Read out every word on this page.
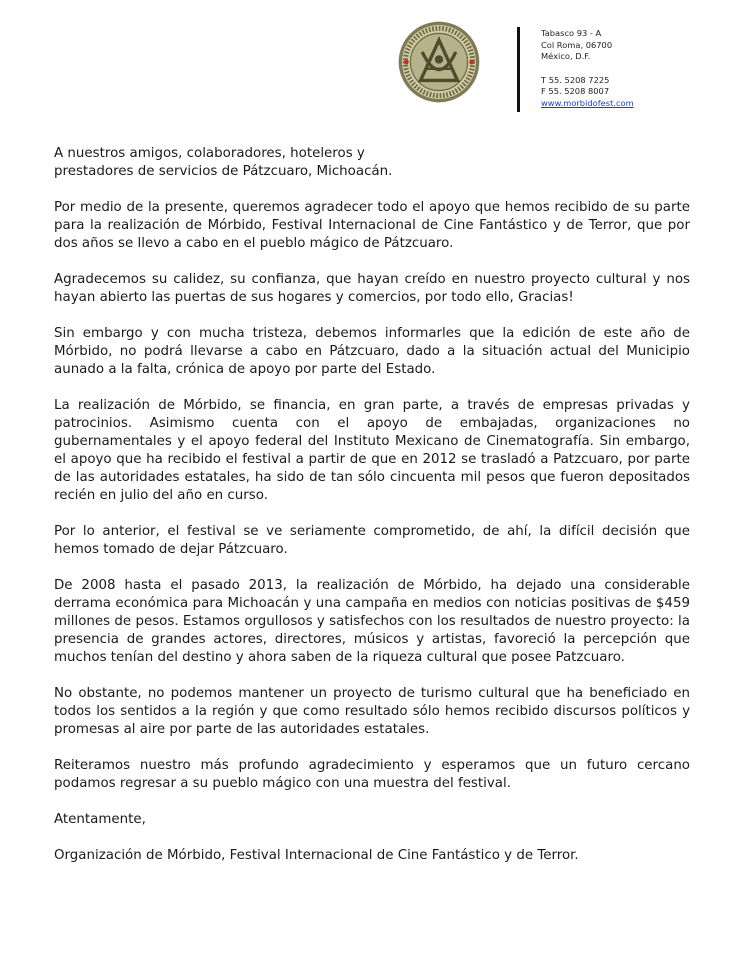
Tabasco 93 - A
Col Roma, 06700
México, D.F.
T 55. 5208 7225
F 55. 5208 8007
www.morbidofest.com

A nuestros amigos, colaboradores, hoteleros y
prestadores de servicios de Pátzcuaro, Michoacán.

Por medio de la presente, queremos agradecer todo el apoyo que hemos recibido de su parte para la realización de Mórbido, Festival Internacional de Cine Fantástico y de Terror, que por dos años se llevo a cabo en el pueblo mágico de Pátzcuaro.

Agradecemos su calidez, su confianza, que hayan creído en nuestro proyecto cultural y nos hayan abierto las puertas de sus hogares y comercios, por todo ello, Gracias!

Sin embargo y con mucha tristeza, debemos informarles que la edición de este año de Mórbido, no podrá llevarse a cabo en Pátzcuaro, dado a la situación actual del Municipio aunado a la falta, crónica de apoyo por parte del Estado.

La realización de Mórbido, se financia, en gran parte, a través de empresas privadas y patrocinios. Asimismo cuenta con el apoyo de embajadas, organizaciones no gubernamentales y el apoyo federal del Instituto Mexicano de Cinematografía. Sin embargo, el apoyo que ha recibido el festival a partir de que en 2012 se trasladó a Patzcuaro, por parte de las autoridades estatales, ha sido de tan sólo cincuenta mil pesos que fueron depositados recién en julio del año en curso.

Por lo anterior, el festival se ve seriamente comprometido, de ahí, la difícil decisión que hemos tomado de dejar Pátzcuaro.

De 2008 hasta el pasado 2013, la realización de Mórbido, ha dejado una considerable derrama económica para Michoacán y una campaña en medios con noticias positivas de $459 millones de pesos. Estamos orgullosos y satisfechos con los resultados de nuestro proyecto: la presencia de grandes actores, directores, músicos y artistas, favoreció la percepción que muchos tenían del destino y ahora saben de la riqueza cultural que posee Patzcuaro.

No obstante, no podemos mantener un proyecto de turismo cultural que ha beneficiado en todos los sentidos a la región y que como resultado sólo hemos recibido discursos políticos y promesas al aire por parte de las autoridades estatales.

Reiteramos nuestro más profundo agradecimiento y esperamos que un futuro cercano podamos regresar a su pueblo mágico con una muestra del festival.

Atentamente,

Organización de Mórbido, Festival Internacional de Cine Fantástico y de Terror.
